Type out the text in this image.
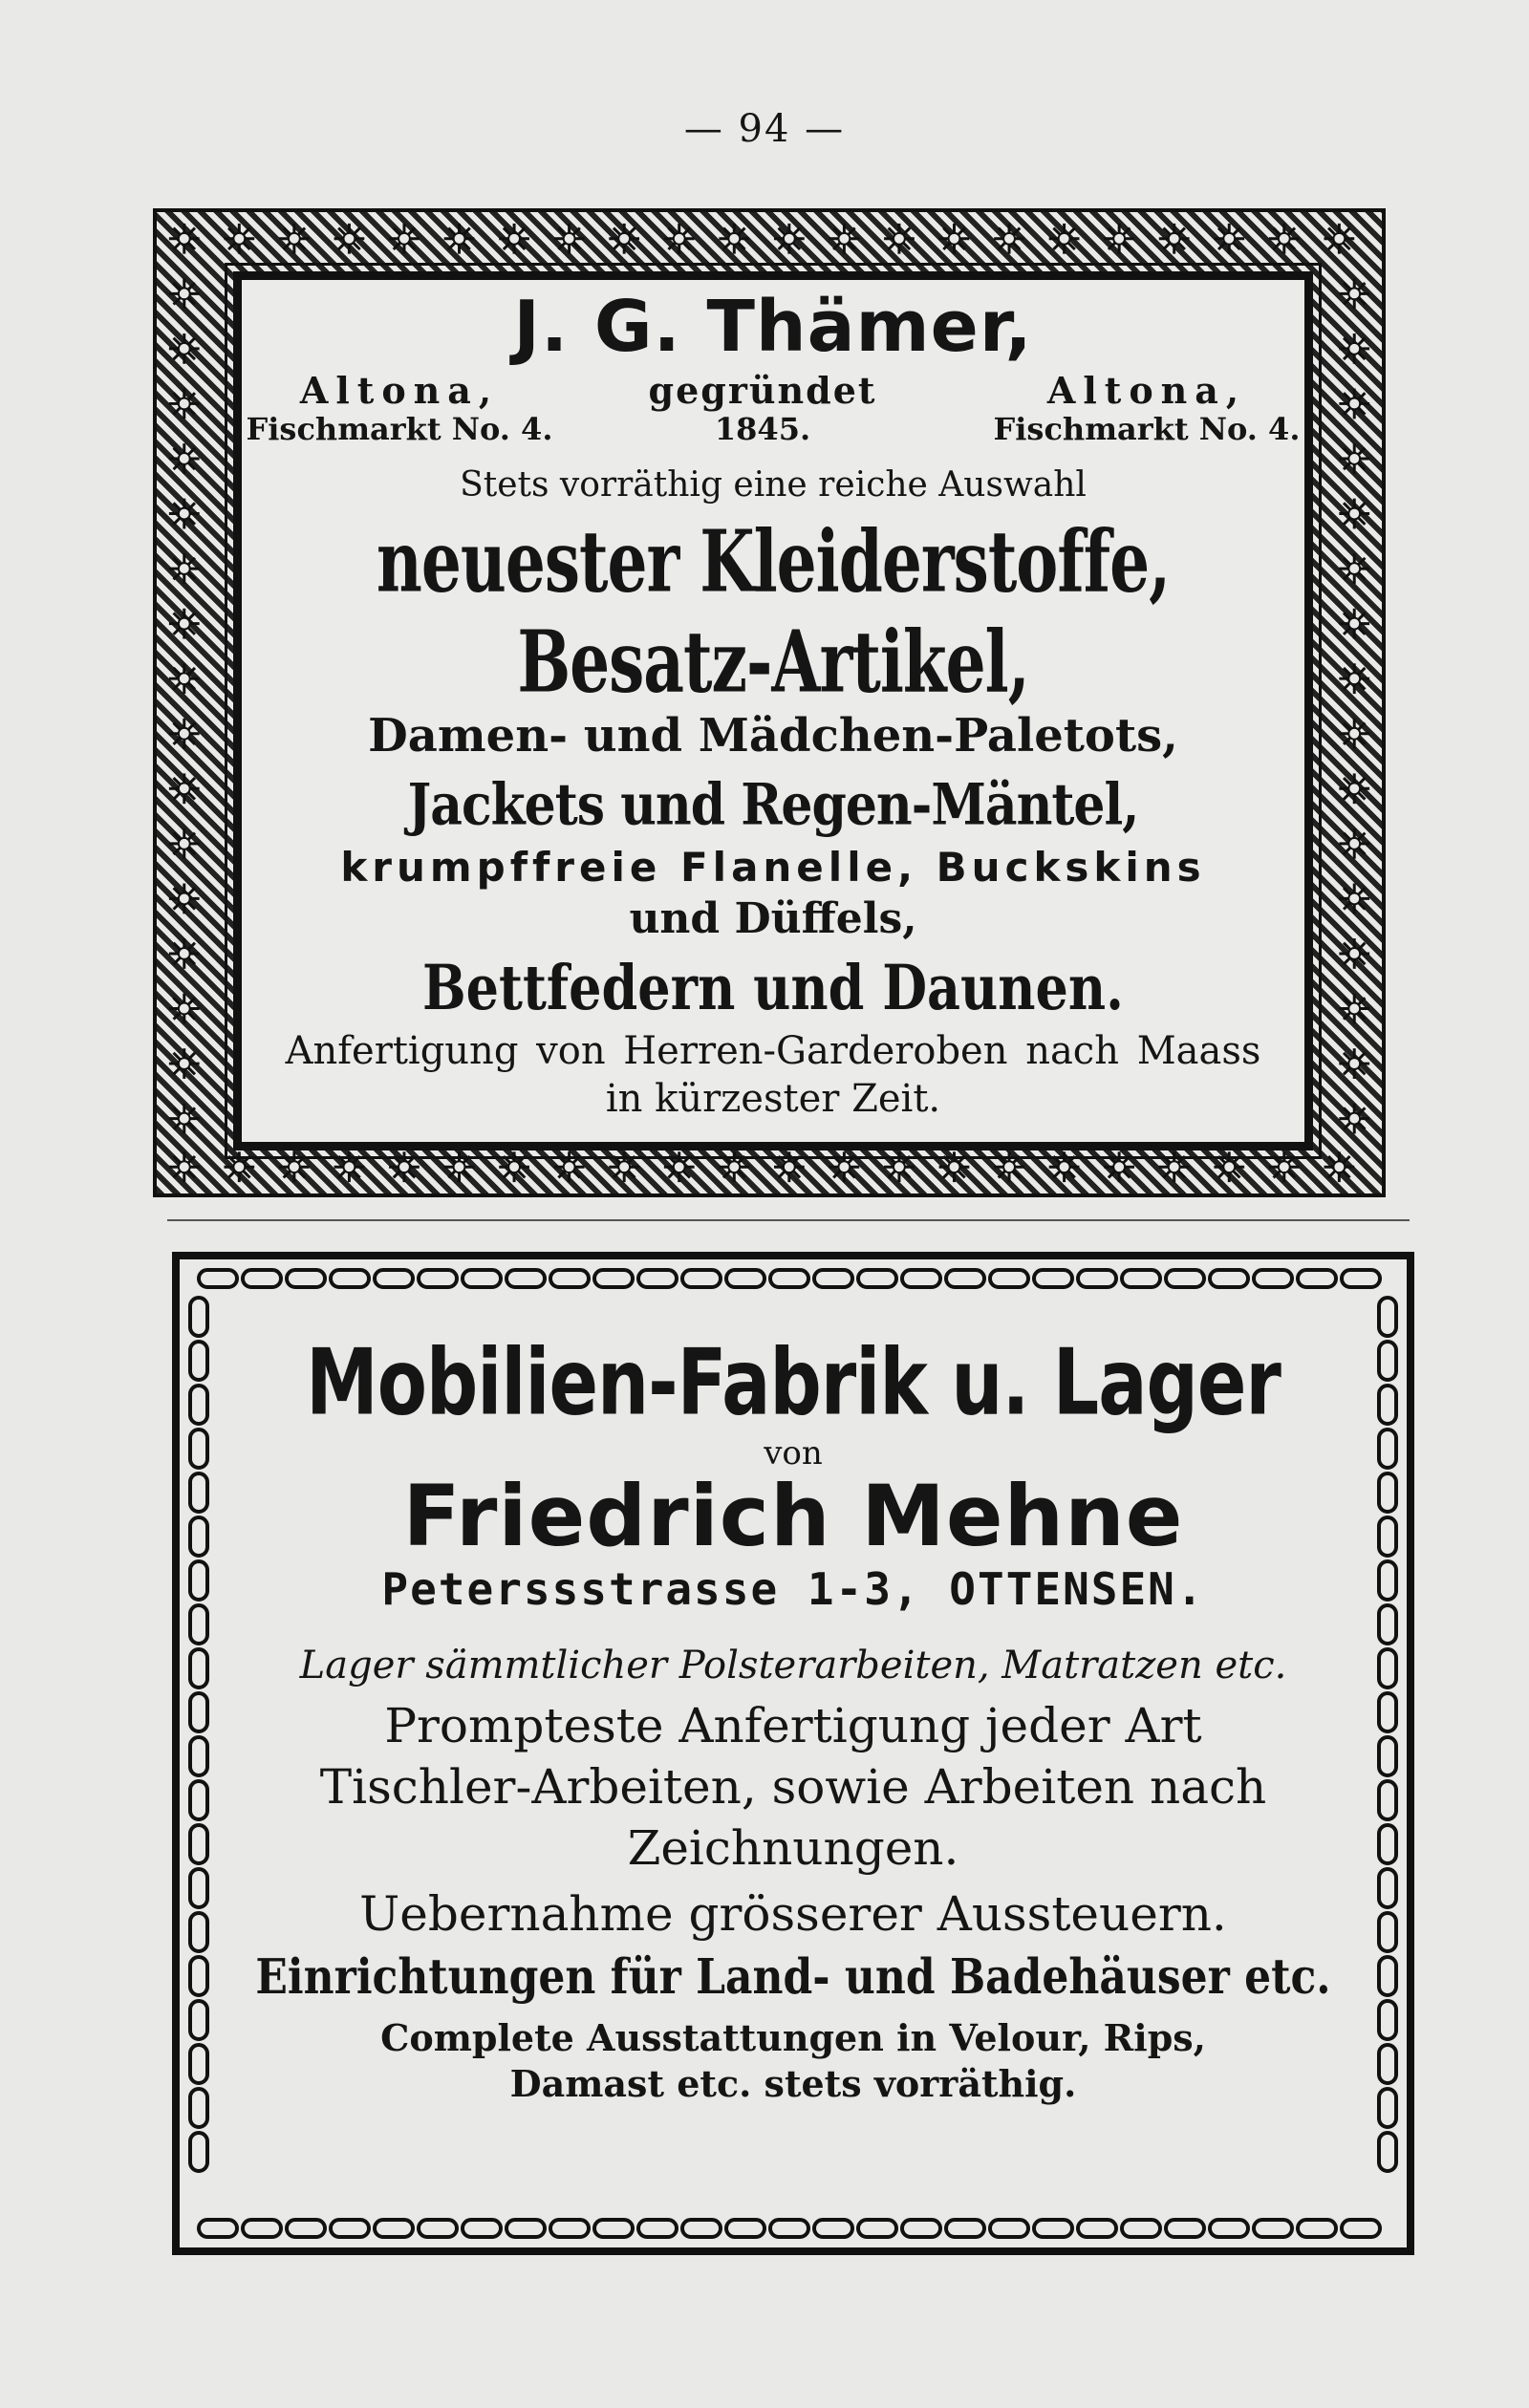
— 94 —
J. G. Thämer,
Altona,
Fischmarkt No. 4.
gegründet
1845.
Altona,
Fischmarkt No. 4.
Stets vorräthig eine reiche Auswahl
neuester Kleiderstoffe, Besatz-Artikel,
Damen- und Mädchen-Paletots,
Jackets und Regen-Mäntel,
krumpffreie Flanelle, Buckskins
und Düffels,
Bettfedern und Daunen.
Anfertigung von Herren-Garderoben nach Maass
in kürzester Zeit.
Mobilien-Fabrik u. Lager
von
Friedrich Mehne
Peterssstrasse 1-3, OTTENSEN.
Lager sämmtlicher Polsterarbeiten, Matratzen etc.
Prompteste Anfertigung jeder Art
Tischler-Arbeiten, sowie Arbeiten nach
Zeichnungen.
Uebernahme grösserer Aussteuern.
Einrichtungen für Land- und Badehäuser etc.
Complete Ausstattungen in Velour, Rips,
Damast etc. stets vorräthig.
